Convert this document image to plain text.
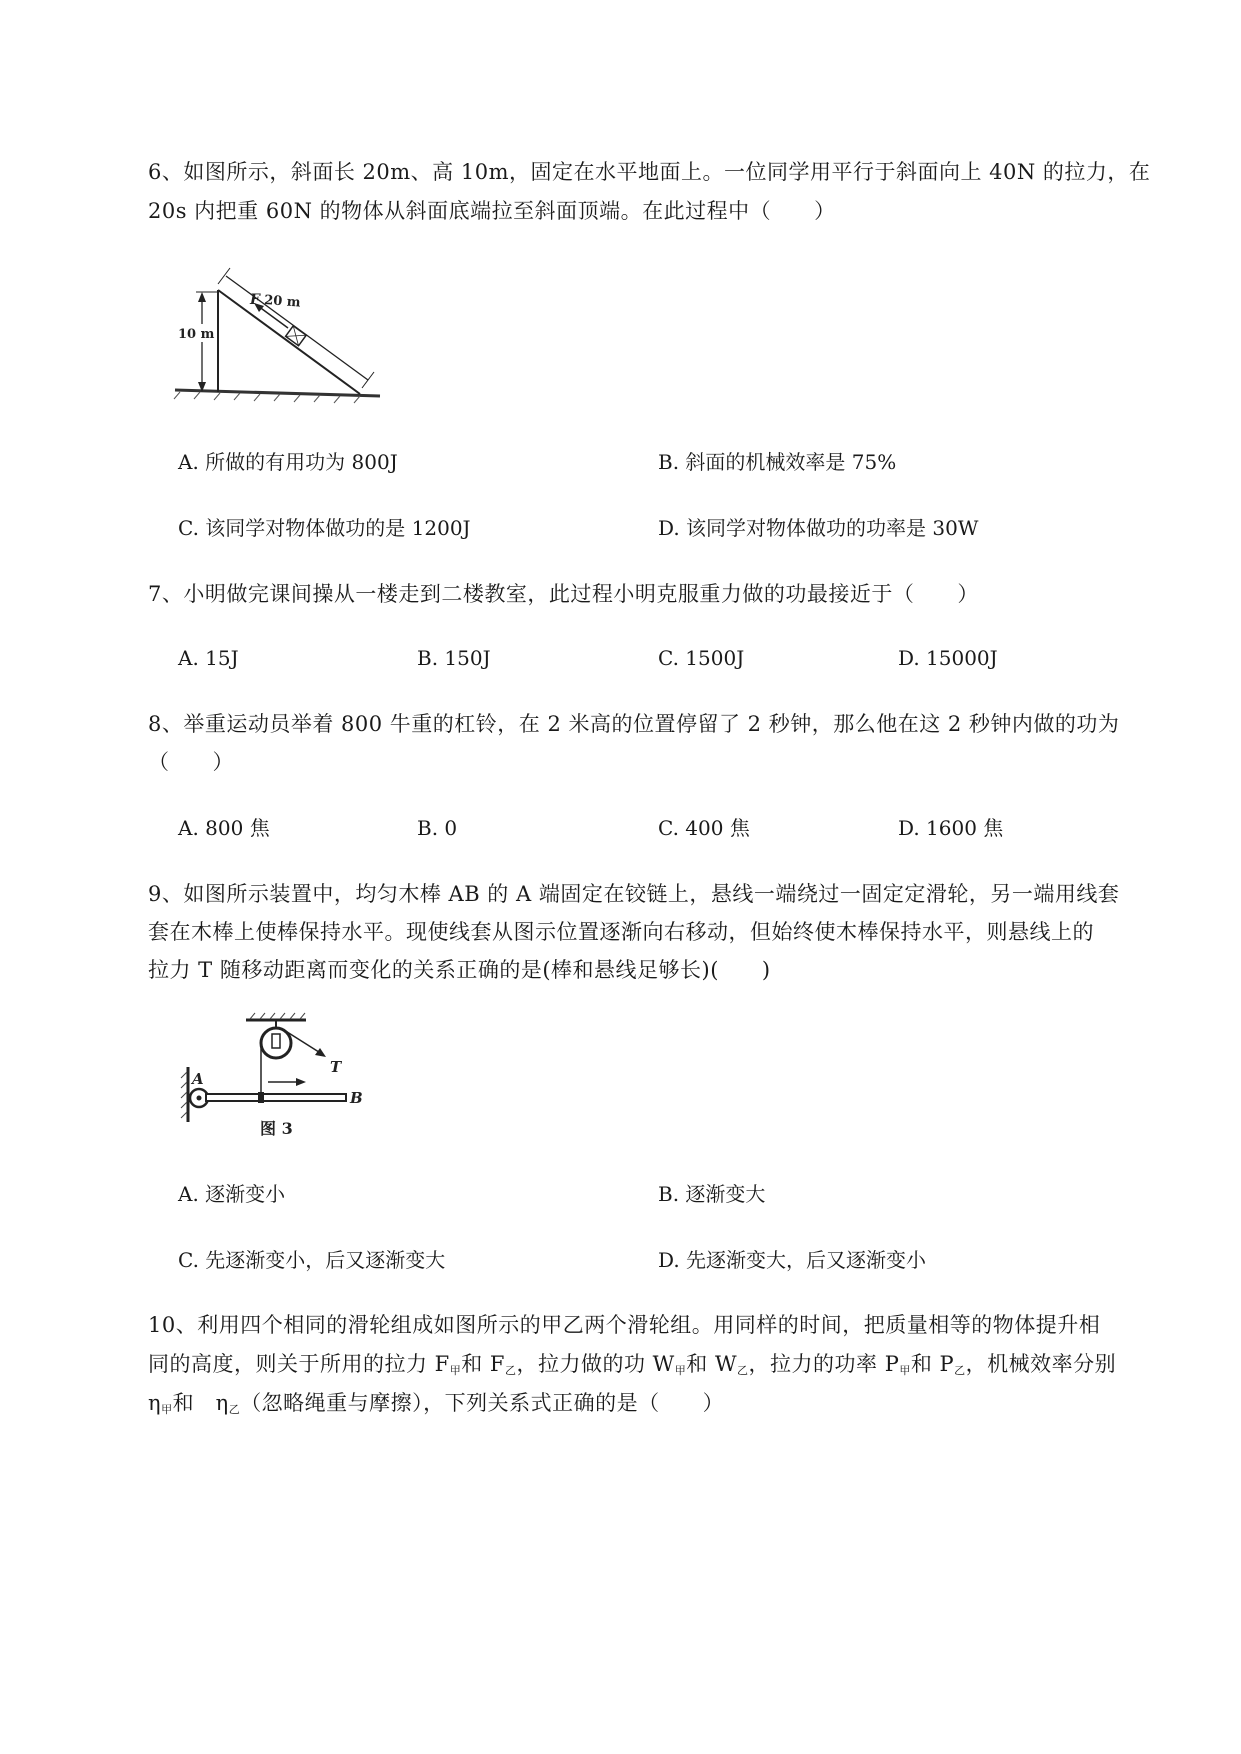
6、如图所示，斜面长 20m、高 10m，固定在水平地面上。一位同学用平行于斜面向上 40N 的拉力，在
20s 内把重 60N 的物体从斜面底端拉至斜面顶端。在此过程中（　　）
10 m
20 m
F
A. 所做的有用功为 800J	B. 斜面的机械效率是 75%
C. 该同学对物体做功的是 1200J	D. 该同学对物体做功的功率是 30W
7、小明做完课间操从一楼走到二楼教室，此过程小明克服重力做的功最接近于（　　）
A. 15J	B. 150J	C. 1500J	D. 15000J
8、举重运动员举着 800 牛重的杠铃，在 2 米高的位置停留了 2 秒钟，那么他在这 2 秒钟内做的功为
（　　）
A. 800 焦	B. 0	C. 400 焦	D. 1600 焦
9、如图所示装置中，均匀木棒 AB 的 A 端固定在铰链上，悬线一端绕过一固定定滑轮，另一端用线套
套在木棒上使棒保持水平。现使线套从图示位置逐渐向右移动，但始终使木棒保持水平，则悬线上的
拉力 T 随移动距离而变化的关系正确的是(棒和悬线足够长)(　　)
T
A
B
图 3
A. 逐渐变小	B. 逐渐变大
C. 先逐渐变小，后又逐渐变大	D. 先逐渐变大，后又逐渐变小
10、利用四个相同的滑轮组成如图所示的甲乙两个滑轮组。用同样的时间，把质量相等的物体提升相
同的高度，则关于所用的拉力 $F_甲$和 $F_乙$，拉力做的功 $W_甲$和 $W_乙$，拉力的功率 $P_甲$和 $P_乙$，机械效率分别
$\eta_甲$和　$\eta_乙$（忽略绳重与摩擦），下列关系式正确的是（　　）
